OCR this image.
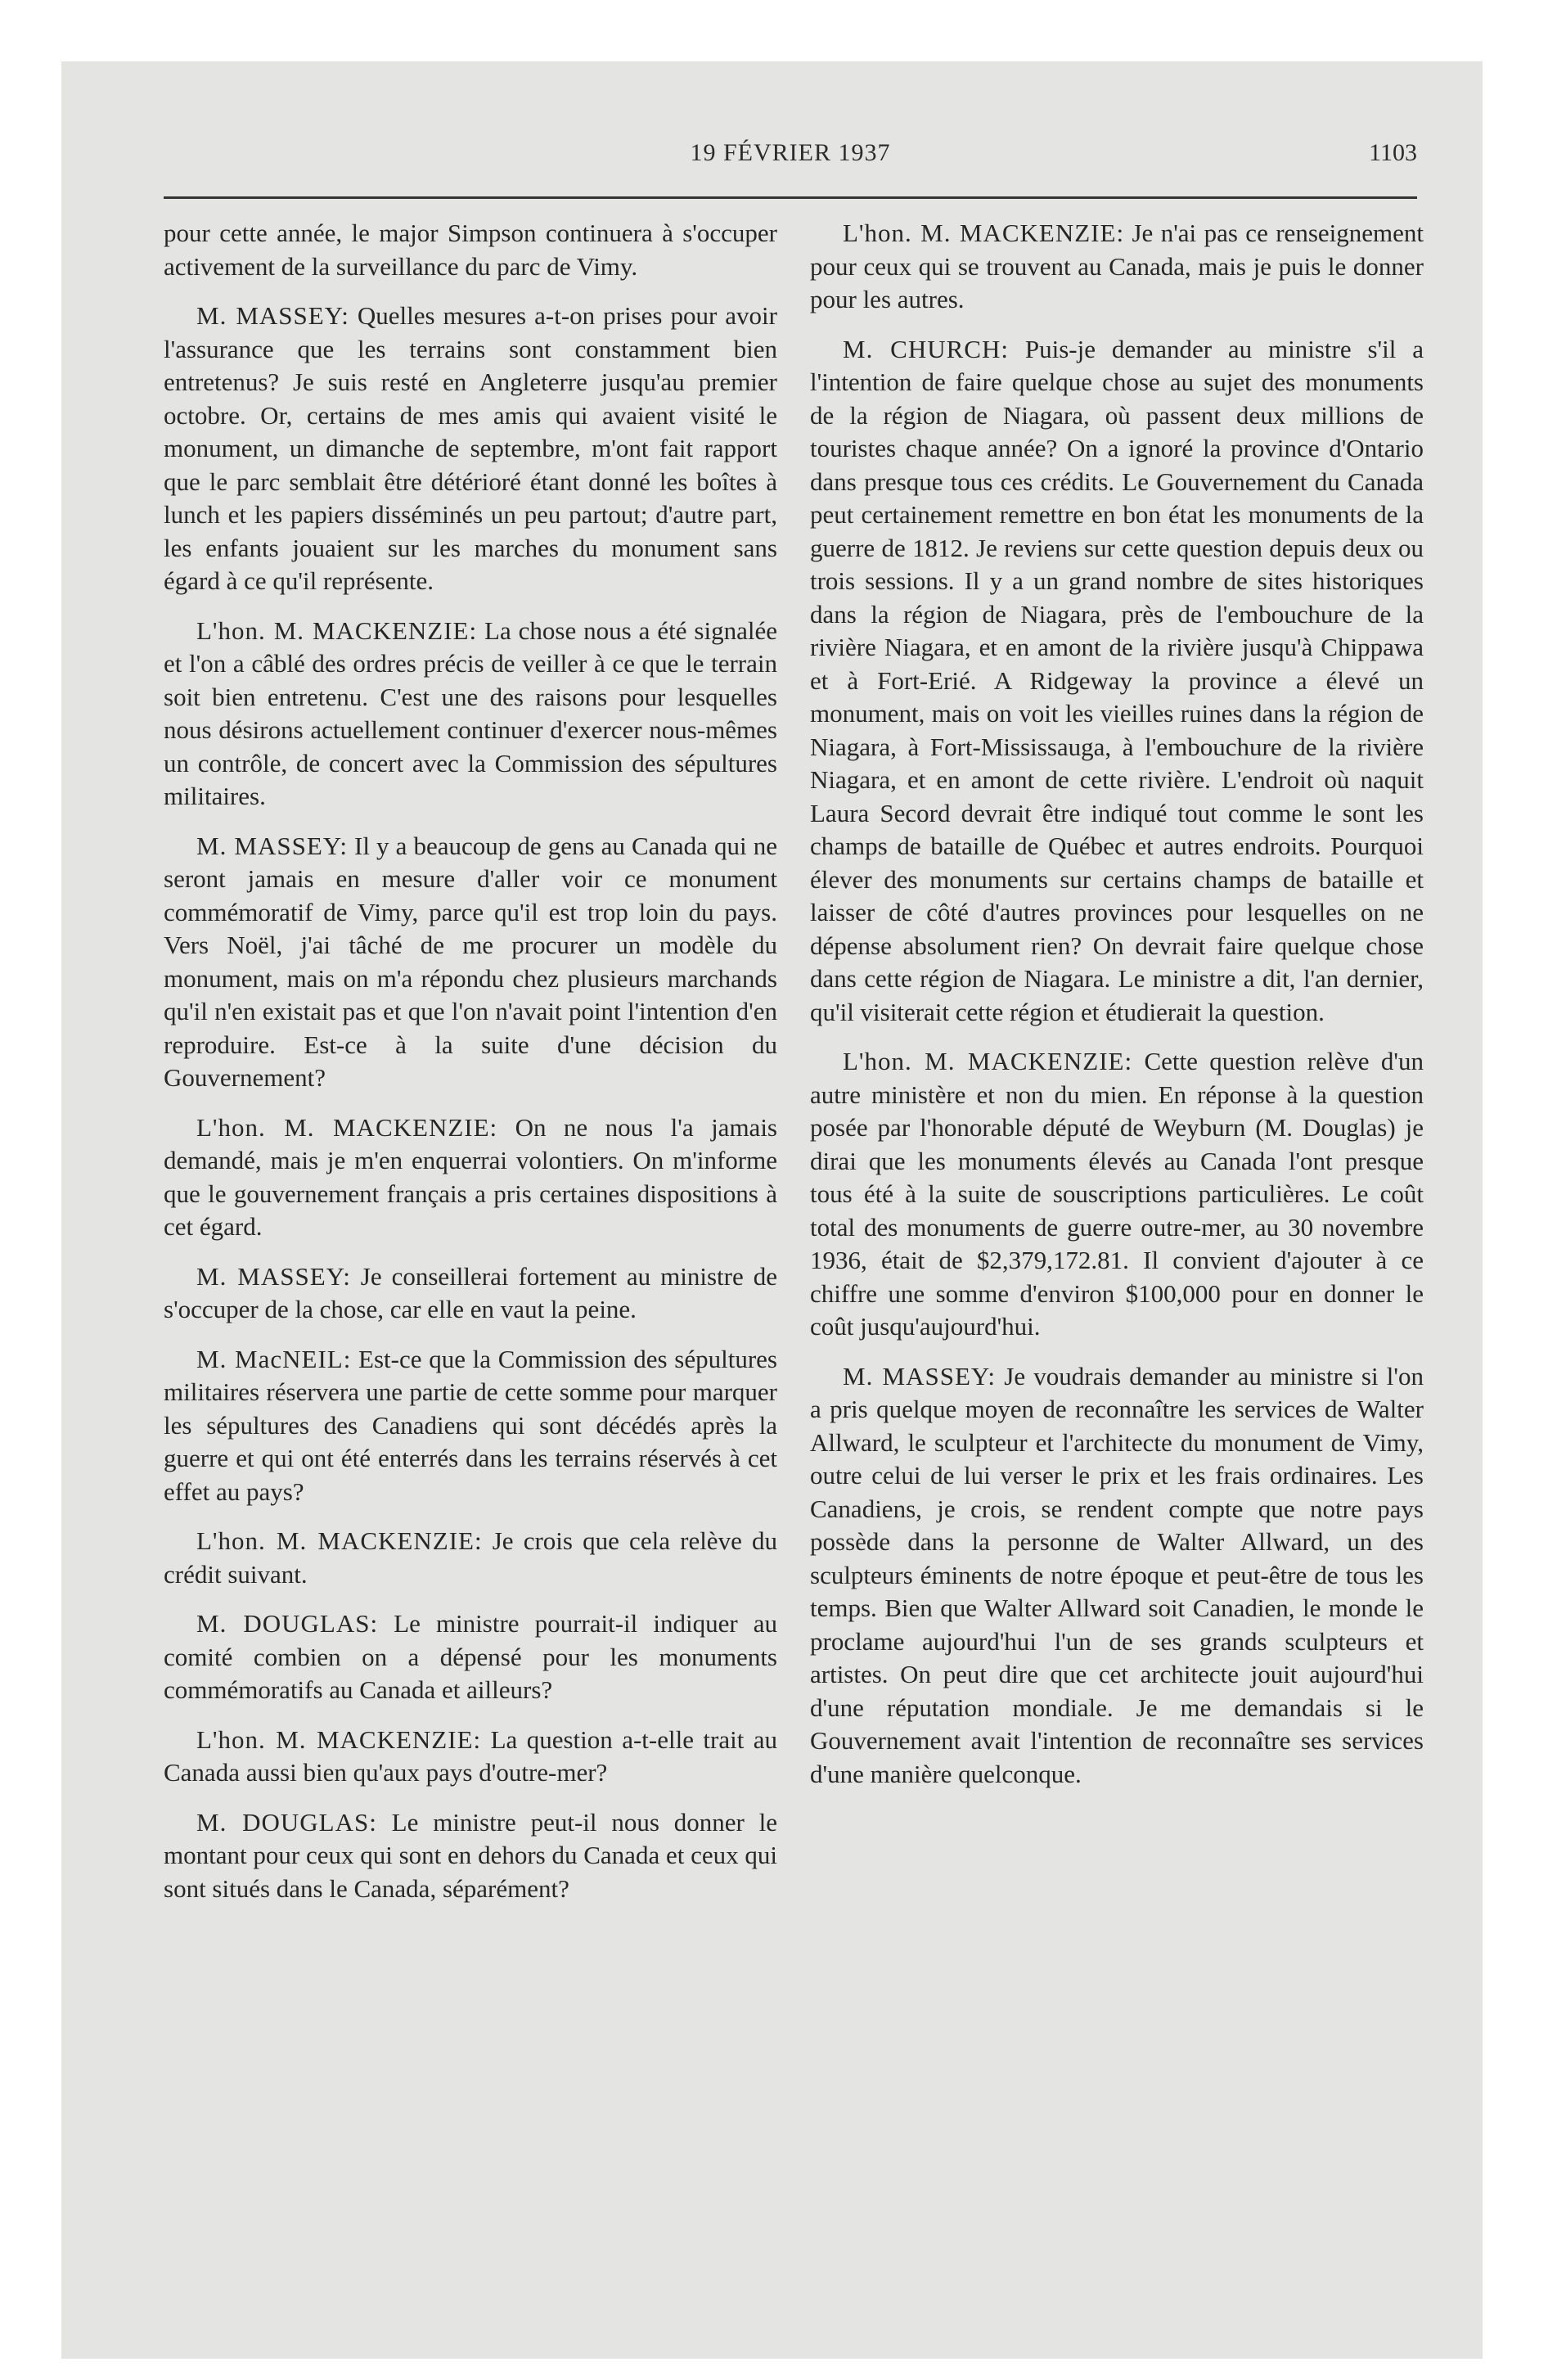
19 FÉVRIER 1937	1103

pour cette année, le major Simpson continuera à s'occuper activement de la surveillance du parc de Vimy.

M. MASSEY: Quelles mesures a-t-on prises pour avoir l'assurance que les terrains sont constamment bien entretenus? Je suis resté en Angleterre jusqu'au premier octobre. Or, certains de mes amis qui avaient visité le monument, un dimanche de septembre, m'ont fait rapport que le parc semblait être détérioré étant donné les boîtes à lunch et les papiers disséminés un peu partout; d'autre part, les enfants jouaient sur les marches du monument sans égard à ce qu'il représente.

L'hon. M. MACKENZIE: La chose nous a été signalée et l'on a câblé des ordres précis de veiller à ce que le terrain soit bien entretenu. C'est une des raisons pour lesquelles nous désirons actuellement continuer d'exercer nous-mêmes un contrôle, de concert avec la Commission des sépultures militaires.

M. MASSEY: Il y a beaucoup de gens au Canada qui ne seront jamais en mesure d'aller voir ce monument commémoratif de Vimy, parce qu'il est trop loin du pays. Vers Noël, j'ai tâché de me procurer un modèle du monument, mais on m'a répondu chez plusieurs marchands qu'il n'en existait pas et que l'on n'avait point l'intention d'en reproduire. Est-ce à la suite d'une décision du Gouvernement?

L'hon. M. MACKENZIE: On ne nous l'a jamais demandé, mais je m'en enquerrai volontiers. On m'informe que le gouvernement français a pris certaines dispositions à cet égard.

M. MASSEY: Je conseillerai fortement au ministre de s'occuper de la chose, car elle en vaut la peine.

M. MacNEIL: Est-ce que la Commission des sépultures militaires réservera une partie de cette somme pour marquer les sépultures des Canadiens qui sont décédés après la guerre et qui ont été enterrés dans les terrains réservés à cet effet au pays?

L'hon. M. MACKENZIE: Je crois que cela relève du crédit suivant.

M. DOUGLAS: Le ministre pourrait-il indiquer au comité combien on a dépensé pour les monuments commémoratifs au Canada et ailleurs?

L'hon. M. MACKENZIE: La question a-t-elle trait au Canada aussi bien qu'aux pays d'outre-mer?

M. DOUGLAS: Le ministre peut-il nous donner le montant pour ceux qui sont en dehors du Canada et ceux qui sont situés dans le Canada, séparément?

L'hon. M. MACKENZIE: Je n'ai pas ce renseignement pour ceux qui se trouvent au Canada, mais je puis le donner pour les autres.

M. CHURCH: Puis-je demander au ministre s'il a l'intention de faire quelque chose au sujet des monuments de la région de Niagara, où passent deux millions de touristes chaque année? On a ignoré la province d'Ontario dans presque tous ces crédits. Le Gouvernement du Canada peut certainement remettre en bon état les monuments de la guerre de 1812. Je reviens sur cette question depuis deux ou trois sessions. Il y a un grand nombre de sites historiques dans la région de Niagara, près de l'embouchure de la rivière Niagara, et en amont de la rivière jusqu'à Chippawa et à Fort-Erié. A Ridgeway la province a élevé un monument, mais on voit les vieilles ruines dans la région de Niagara, à Fort-Mississauga, à l'embouchure de la rivière Niagara, et en amont de cette rivière. L'endroit où naquit Laura Secord devrait être indiqué tout comme le sont les champs de bataille de Québec et autres endroits. Pourquoi élever des monuments sur certains champs de bataille et laisser de côté d'autres provinces pour lesquelles on ne dépense absolument rien? On devrait faire quelque chose dans cette région de Niagara. Le ministre a dit, l'an dernier, qu'il visiterait cette région et étudierait la question.

L'hon. M. MACKENZIE: Cette question relève d'un autre ministère et non du mien. En réponse à la question posée par l'honorable député de Weyburn (M. Douglas) je dirai que les monuments élevés au Canada l'ont presque tous été à la suite de souscriptions particulières. Le coût total des monuments de guerre outre-mer, au 30 novembre 1936, était de $2,379,172.81. Il convient d'ajouter à ce chiffre une somme d'environ $100,000 pour en donner le coût jusqu'aujourd'hui.

M. MASSEY: Je voudrais demander au ministre si l'on a pris quelque moyen de reconnaître les services de Walter Allward, le sculpteur et l'architecte du monument de Vimy, outre celui de lui verser le prix et les frais ordinaires. Les Canadiens, je crois, se rendent compte que notre pays possède dans la personne de Walter Allward, un des sculpteurs éminents de notre époque et peut-être de tous les temps. Bien que Walter Allward soit Canadien, le monde le proclame aujourd'hui l'un de ses grands sculpteurs et artistes. On peut dire que cet architecte jouit aujourd'hui d'une réputation mondiale. Je me demandais si le Gouvernement avait l'intention de reconnaître ses services d'une manière quelconque.
